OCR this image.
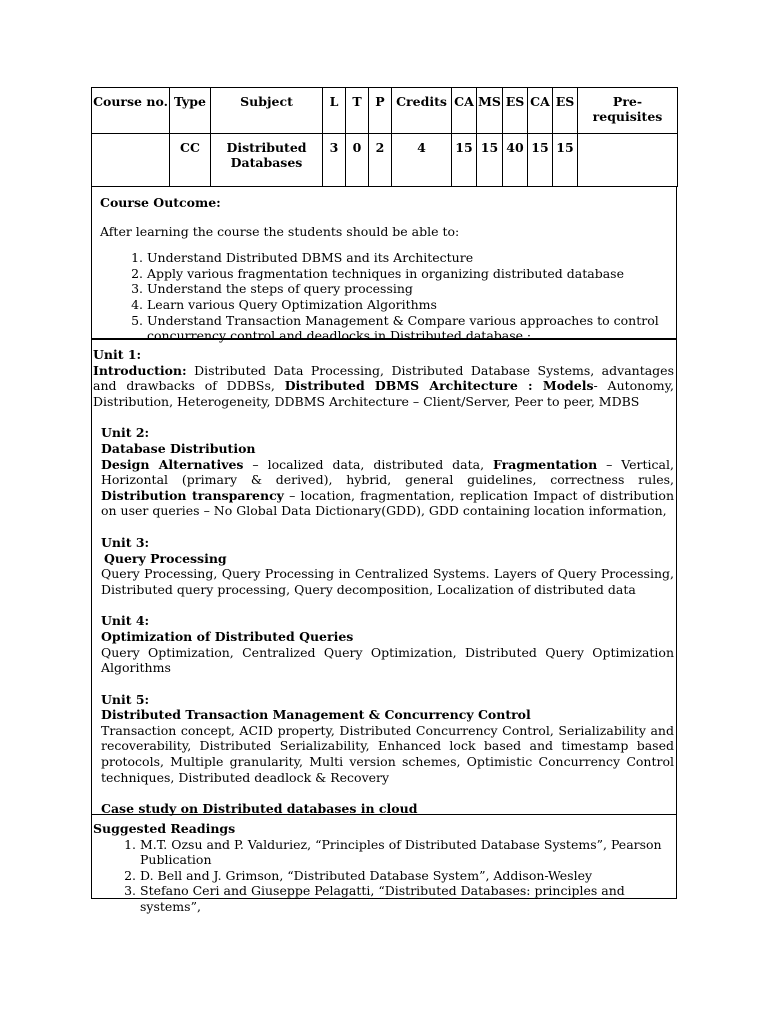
Course no.	Type	Subject	L	T	P	Credits	CA	MS	ES	CA	ES	Pre-requisites
	CC	Distributed Databases	3	0	2	4	15	15	40	15	15	
Course Outcome:
After learning the course the students should be able to:
1. Understand Distributed DBMS and its Architecture
2. Apply various fragmentation techniques in organizing distributed database
3. Understand the steps of query processing
4. Learn various Query Optimization Algorithms
5. Understand Transaction Management & Compare various approaches to control concurrency control and deadlocks in Distributed database ·
Unit 1:
Introduction: Distributed Data Processing, Distributed Database Systems, advantages and drawbacks of DDBSs, Distributed DBMS Architecture : Models- Autonomy, Distribution, Heterogeneity, DDBMS Architecture – Client/Server, Peer to peer, MDBS
Unit 2:
Database Distribution
Design Alternatives – localized data, distributed data, Fragmentation – Vertical, Horizontal (primary & derived), hybrid, general guidelines, correctness rules, Distribution transparency – location, fragmentation, replication Impact of distribution on user queries – No Global Data Dictionary(GDD), GDD containing location information,
Unit 3:
Query Processing
Query Processing, Query Processing in Centralized Systems. Layers of Query Processing, Distributed query processing, Query decomposition, Localization of distributed data
Unit 4:
Optimization of Distributed Queries
Query Optimization, Centralized Query Optimization, Distributed Query Optimization Algorithms
Unit 5:
Distributed Transaction Management & Concurrency Control
Transaction concept, ACID property, Distributed Concurrency Control, Serializability and recoverability, Distributed Serializability, Enhanced lock based and timestamp based protocols, Multiple granularity, Multi version schemes, Optimistic Concurrency Control techniques, Distributed deadlock & Recovery
Case study on Distributed databases in cloud
Suggested Readings
1. M.T. Ozsu and P. Valduriez, “Principles of Distributed Database Systems”, Pearson Publication
2. D. Bell and J. Grimson, “Distributed Database System”, Addison-Wesley
3. Stefano Ceri and Giuseppe Pelagatti, “Distributed Databases: principles and systems”,
